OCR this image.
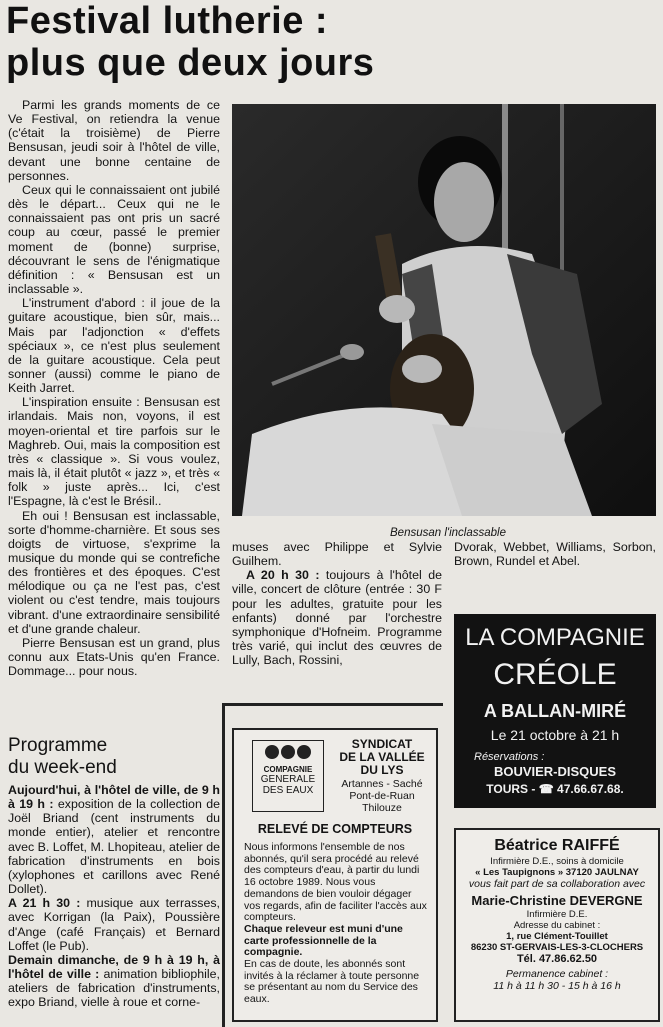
Festival lutherie :
plus que deux jours

Parmi les grands moments de ce Ve Festival, on retiendra la venue (c'était la troisième) de Pierre Bensusan, jeudi soir à l'hôtel de ville, devant une bonne centaine de personnes.

Ceux qui le connaissaient ont jubilé dès le départ... Ceux qui ne le connaissaient pas ont pris un sacré coup au cœur, passé le premier moment de (bonne) surprise, découvrant le sens de l'énigmatique définition : « Bensusan est un inclassable ».

L'instrument d'abord : il joue de la guitare acoustique, bien sûr, mais... Mais par l'adjonction « d'effets spéciaux », ce n'est plus seulement de la guitare acoustique. Cela peut sonner (aussi) comme le piano de Keith Jarret.

L'inspiration ensuite : Bensusan est irlandais. Mais non, voyons, il est moyen-oriental et tire parfois sur le Maghreb. Oui, mais la composition est très « classique ». Si vous voulez, mais là, il était plutôt « jazz », et très « folk » juste après... Ici, c'est l'Espagne, là c'est le Brésil..

Eh oui ! Bensusan est inclassable, sorte d'homme-charnière. Et sous ses doigts de virtuose, s'exprime la musique du monde qui se contrefiche des frontières et des époques. C'est mélodique ou ça ne l'est pas, c'est violent ou c'est tendre, mais toujours vibrant. d'une extraordinaire sensibilité et d'une grande chaleur.

Pierre Bensusan est un grand, plus connu aux Etats-Unis qu'en France. Dommage... pour nous.

Bensusan l'inclassable
Programme
du week-end

Aujourd'hui, à l'hôtel de ville, de 9 h à 19 h : exposition de la collection de Joël Briand (cent instruments du monde entier), atelier et rencontre avec B. Loffet, M. Lhopiteau, atelier de fabrication d'instruments en bois (xylophones et carillons avec René Dollet).

A 21 h 30 : musique aux terrasses, avec Korrigan (la Paix), Poussière d'Ange (café Français) et Bernard Loffet (le Pub).

Demain dimanche, de 9 h à 19 h, à l'hôtel de ville : animation bibliophile, ateliers de fabrication d'instruments, expo Briand, vielle à roue et corne-

muses avec Philippe et Sylvie Guilhem.

A 20 h 30 : toujours à l'hôtel de ville, concert de clôture (entrée : 30 F pour les adultes, gratuite pour les enfants) donné par l'orchestre symphonique d'Hofneim. Programme très varié, qui inclut des œuvres de Lully, Bach, Rossini,

Dvorak, Webbet, Williams, Sorbon, Brown, Rundel et Abel.

COMPAGNIE
GENERALE
DES EAUX
SYNDICAT
DE LA VALLÉE
DU LYS
Artannes - Saché Pont-de-Ruan Thilouze
RELEVÉ DE COMPTEURS
Nous informons l'ensemble de nos abonnés, qu'il sera procédé au relevé des compteurs d'eau, à partir du lundi 16 octobre 1989. Nous vous demandons de bien vouloir dégager vos regards, afin de faciliter l'accès aux compteurs.
Chaque releveur est muni d'une carte professionnelle de la compagnie.
En cas de doute, les abonnés sont invités à la réclamer à toute personne se présentant au nom du Service des eaux.
LA COMPAGNIE
CRÉOLE
A BALLAN-MIRÉ
Le 21 octobre à 21 h
Réservations :
BOUVIER-DISQUES
TOURS - ☎ 47.66.67.68.
Béatrice RAIFFÉ
Infirmière D.E., soins à domicile
« Les Taupignons » 37120 JAULNAY
vous fait part de sa collaboration avec
Marie-Christine DEVERGNE
Infirmière D.E.
Adresse du cabinet :
1, rue Clément-Touillet
86230 ST-GERVAIS-LES-3-CLOCHERS
Tél. 47.86.62.50
Permanence cabinet :
11 h à 11 h 30 - 15 h à 16 h
